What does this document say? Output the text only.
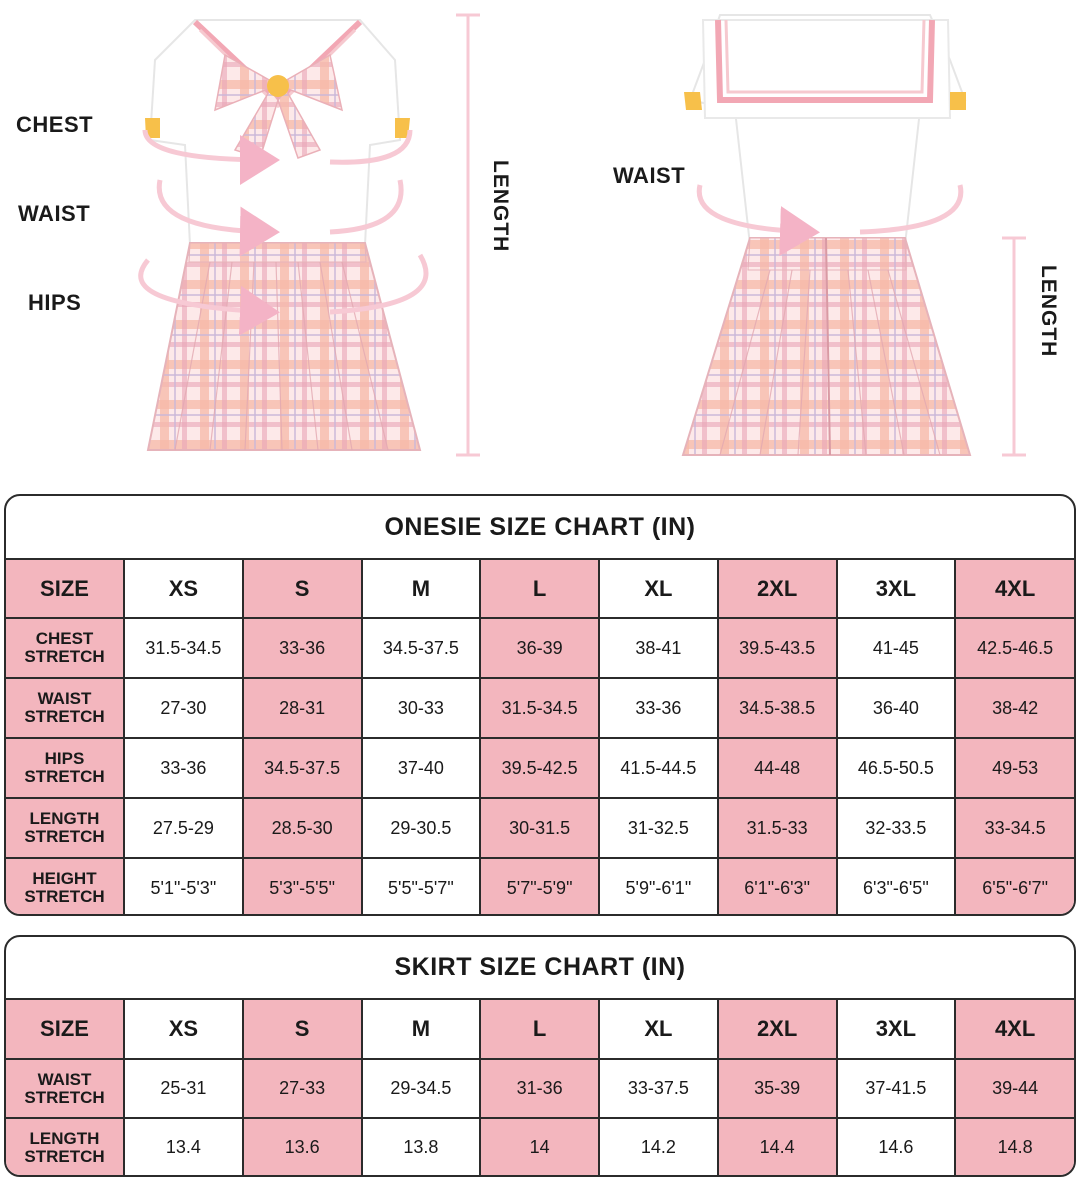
CHEST
WAIST
HIPS
LENGTH	WAIST
LENGTH
ONESIE SIZE CHART (IN)
SIZE	XS	S	M	L	XL	2XL	3XL	4XL

CHEST
STRETCH	31.5-34.5	33-36	34.5-37.5	36-39	38-41	39.5-43.5	41-45	42.5-46.5

WAIST
STRETCH	27-30	28-31	30-33	31.5-34.5	33-36	34.5-38.5	36-40	38-42

HIPS
STRETCH	33-36	34.5-37.5	37-40	39.5-42.5	41.5-44.5	44-48	46.5-50.5	49-53

LENGTH
STRETCH	27.5-29	28.5-30	29-30.5	30-31.5	31-32.5	31.5-33	32-33.5	33-34.5

HEIGHT
STRETCH	5'1"-5'3"	5'3"-5'5"	5'5"-5'7"	5'7"-5'9"	5'9"-6'1"	6'1"-6'3"	6'3"-6'5"	6'5"-6'7"
SKIRT SIZE CHART (IN)
SIZE	XS	S	M	L	XL	2XL	3XL	4XL

WAIST
STRETCH	25-31	27-33	29-34.5	31-36	33-37.5	35-39	37-41.5	39-44

LENGTH
STRETCH	13.4	13.6	13.8	14	14.2	14.4	14.6	14.8
